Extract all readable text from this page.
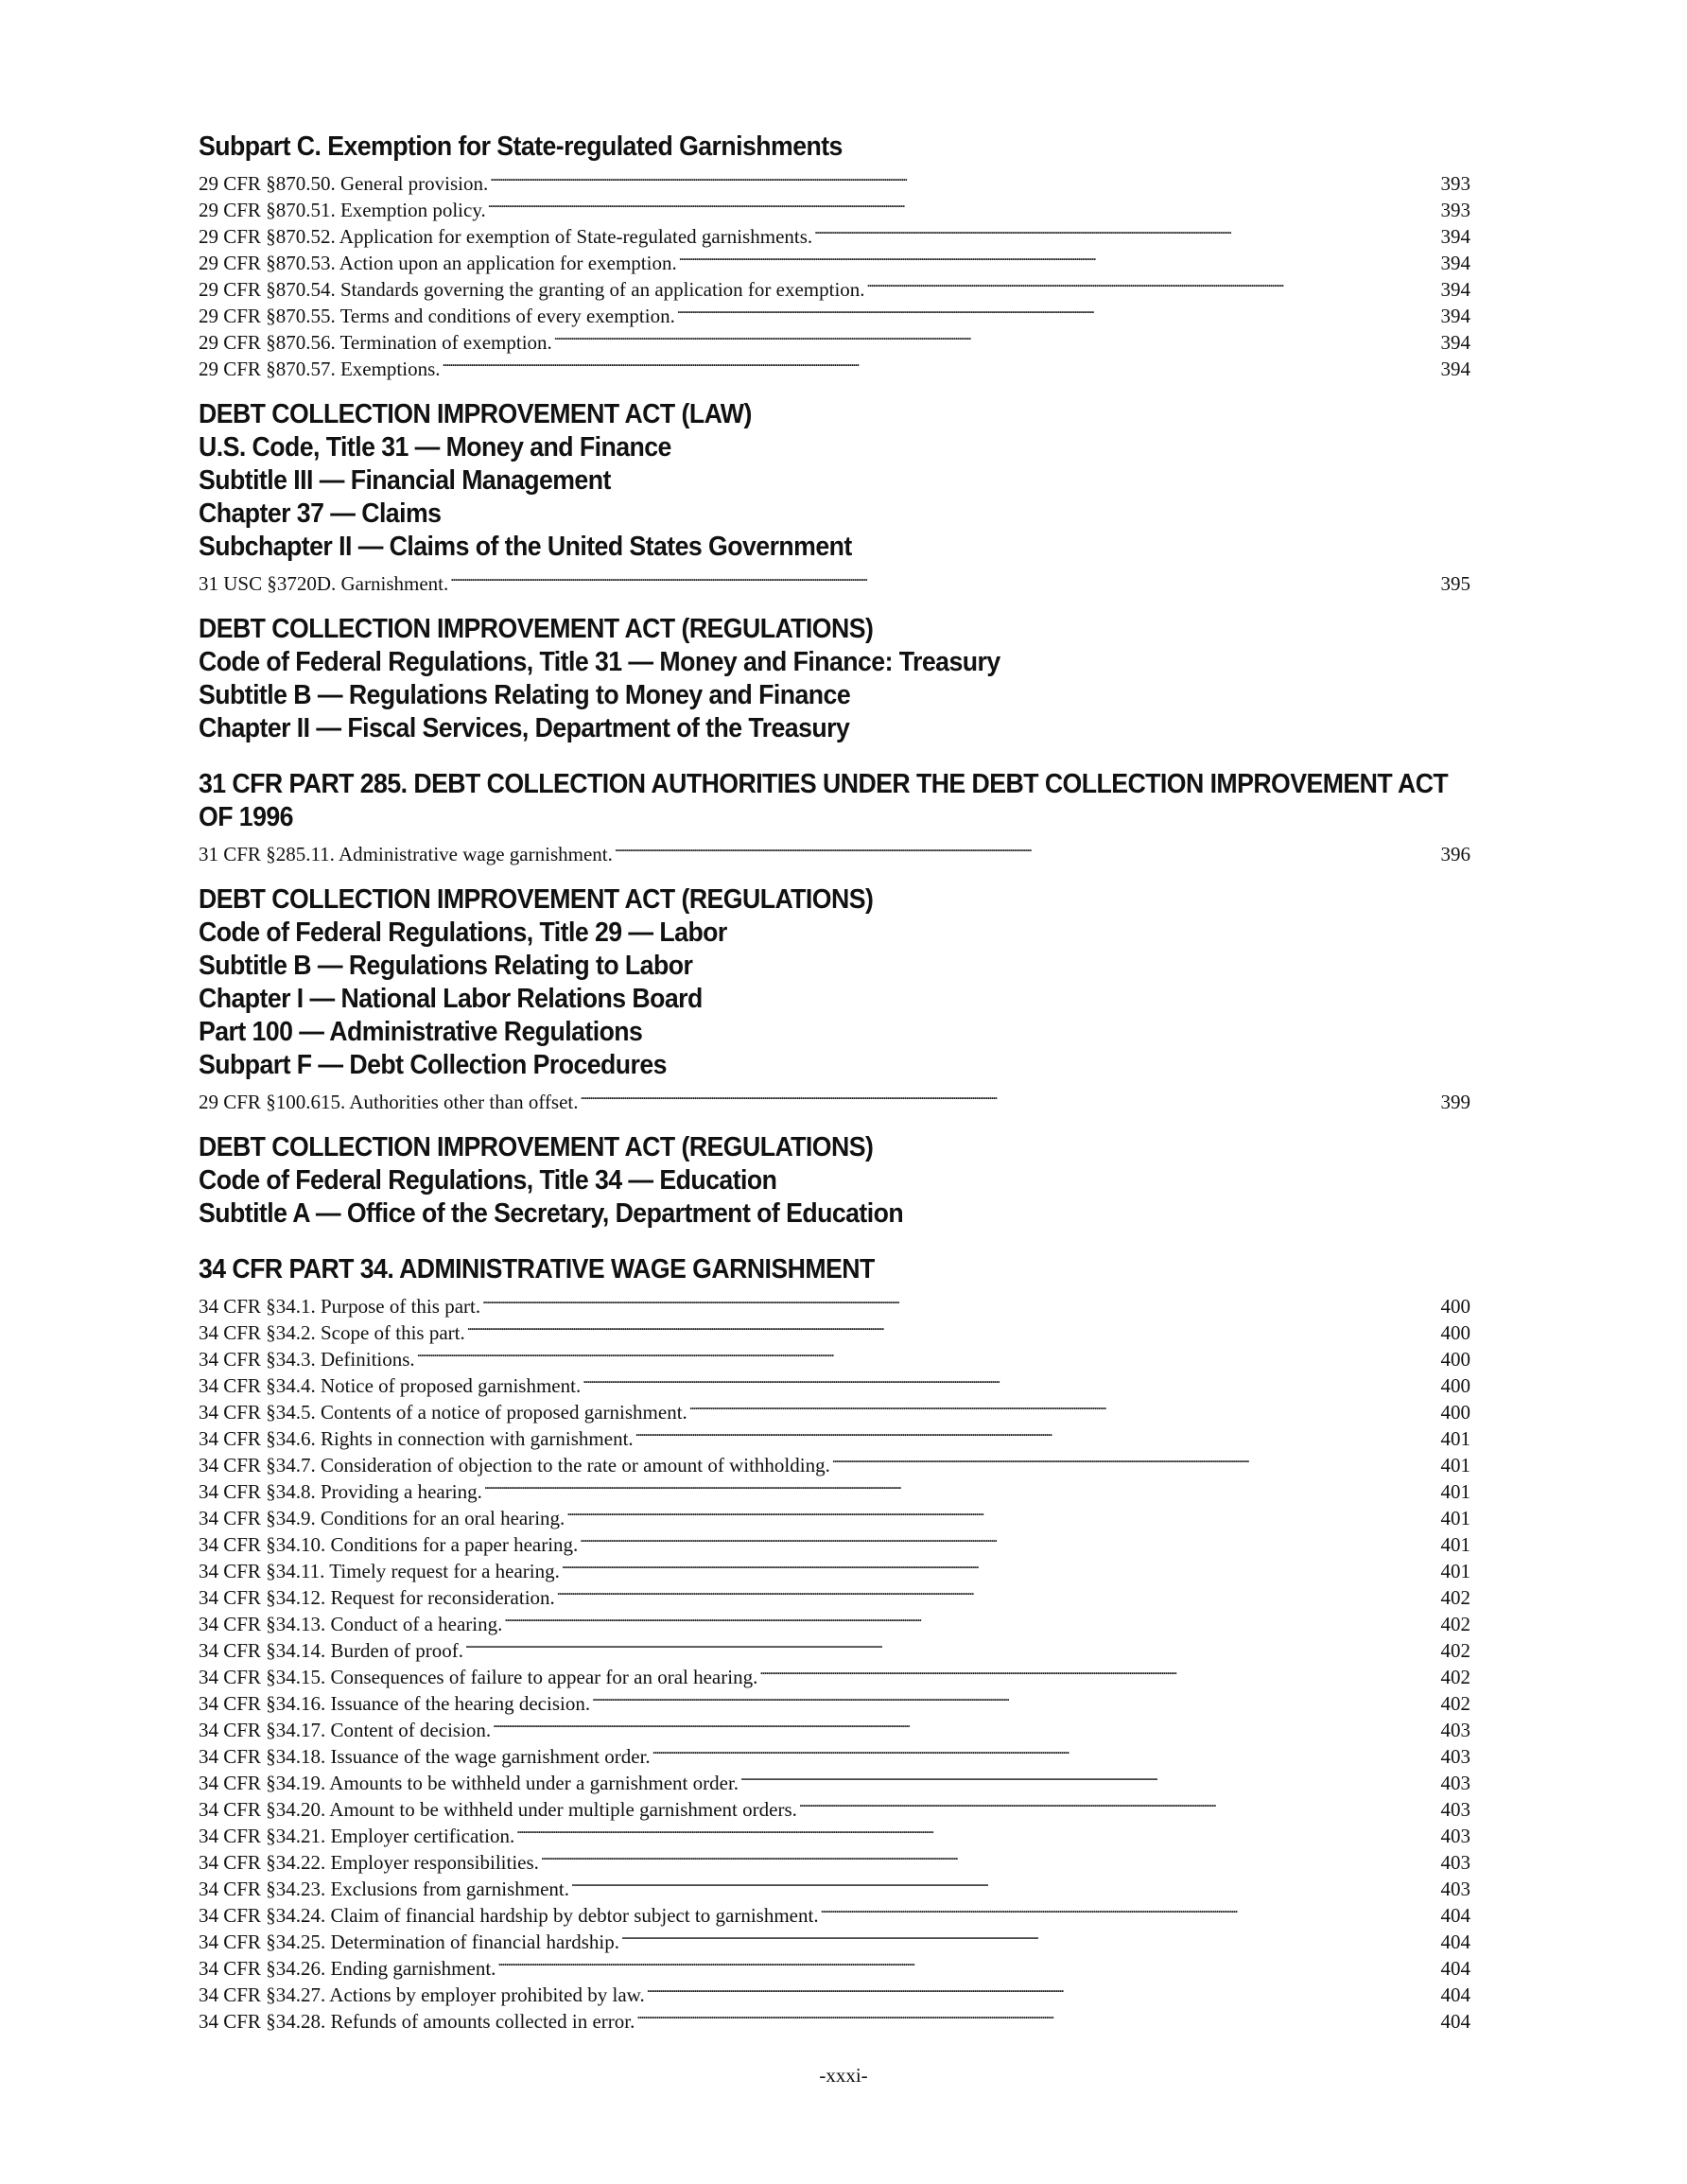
Subpart C. Exemption for State-regulated Garnishments
29 CFR §870.50. General provision. . . .	393
29 CFR §870.51. Exemption policy. . . .	393
29 CFR §870.52. Application for exemption of State-regulated garnishments. . . .	394
29 CFR §870.53. Action upon an application for exemption. . . .	394
29 CFR §870.54. Standards governing the granting of an application for exemption. . . .	394
29 CFR §870.55. Terms and conditions of every exemption. . . .	394
29 CFR §870.56. Termination of exemption. . . .	394
29 CFR §870.57. Exemptions. . . .	394
DEBT COLLECTION IMPROVEMENT ACT (LAW)
U.S. Code, Title 31 — Money and Finance
Subtitle III — Financial Management
Chapter 37 — Claims
Subchapter II — Claims of the United States Government
31 USC §3720D. Garnishment. . . .	395
DEBT COLLECTION IMPROVEMENT ACT (REGULATIONS)
Code of Federal Regulations, Title 31 — Money and Finance: Treasury
Subtitle B — Regulations Relating to Money and Finance
Chapter II — Fiscal Services, Department of the Treasury
31 CFR PART 285. DEBT COLLECTION AUTHORITIES UNDER THE DEBT COLLECTION IMPROVEMENT ACT OF 1996
31 CFR §285.11. Administrative wage garnishment. . . .	396
DEBT COLLECTION IMPROVEMENT ACT (REGULATIONS)
Code of Federal Regulations, Title 29 — Labor
Subtitle B — Regulations Relating to Labor
Chapter I — National Labor Relations Board
Part 100 — Administrative Regulations
Subpart F — Debt Collection Procedures
29 CFR §100.615. Authorities other than offset. . . .	399
DEBT COLLECTION IMPROVEMENT ACT (REGULATIONS)
Code of Federal Regulations, Title 34 — Education
Subtitle A — Office of the Secretary, Department of Education
34 CFR PART 34. ADMINISTRATIVE WAGE GARNISHMENT
34 CFR §34.1. Purpose of this part. . . .	400
34 CFR §34.2. Scope of this part. . . .	400
34 CFR §34.3. Definitions. . . .	400
34 CFR §34.4. Notice of proposed garnishment. . . .	400
34 CFR §34.5. Contents of a notice of proposed garnishment. . . .	400
34 CFR §34.6. Rights in connection with garnishment. . . .	401
34 CFR §34.7. Consideration of objection to the rate or amount of withholding. . . .	401
34 CFR §34.8. Providing a hearing. . . .	401
34 CFR §34.9. Conditions for an oral hearing. . . .	401
34 CFR §34.10. Conditions for a paper hearing. . . .	401
34 CFR §34.11. Timely request for a hearing. . . .	401
34 CFR §34.12. Request for reconsideration. . . .	402
34 CFR §34.13. Conduct of a hearing. . . .	402
34 CFR §34.14. Burden of proof. . . .	402
34 CFR §34.15. Consequences of failure to appear for an oral hearing. . . .	402
34 CFR §34.16. Issuance of the hearing decision. . . .	402
34 CFR §34.17. Content of decision. . . .	403
34 CFR §34.18. Issuance of the wage garnishment order. . . .	403
34 CFR §34.19. Amounts to be withheld under a garnishment order. . . .	403
34 CFR §34.20. Amount to be withheld under multiple garnishment orders. . . .	403
34 CFR §34.21. Employer certification. . . .	403
34 CFR §34.22. Employer responsibilities. . . .	403
34 CFR §34.23. Exclusions from garnishment. . . .	403
34 CFR §34.24. Claim of financial hardship by debtor subject to garnishment. . . .	404
34 CFR §34.25. Determination of financial hardship. . . .	404
34 CFR §34.26. Ending garnishment. . . .	404
34 CFR §34.27. Actions by employer prohibited by law. . . .	404
34 CFR §34.28. Refunds of amounts collected in error. . . .	404
-xxxi-
